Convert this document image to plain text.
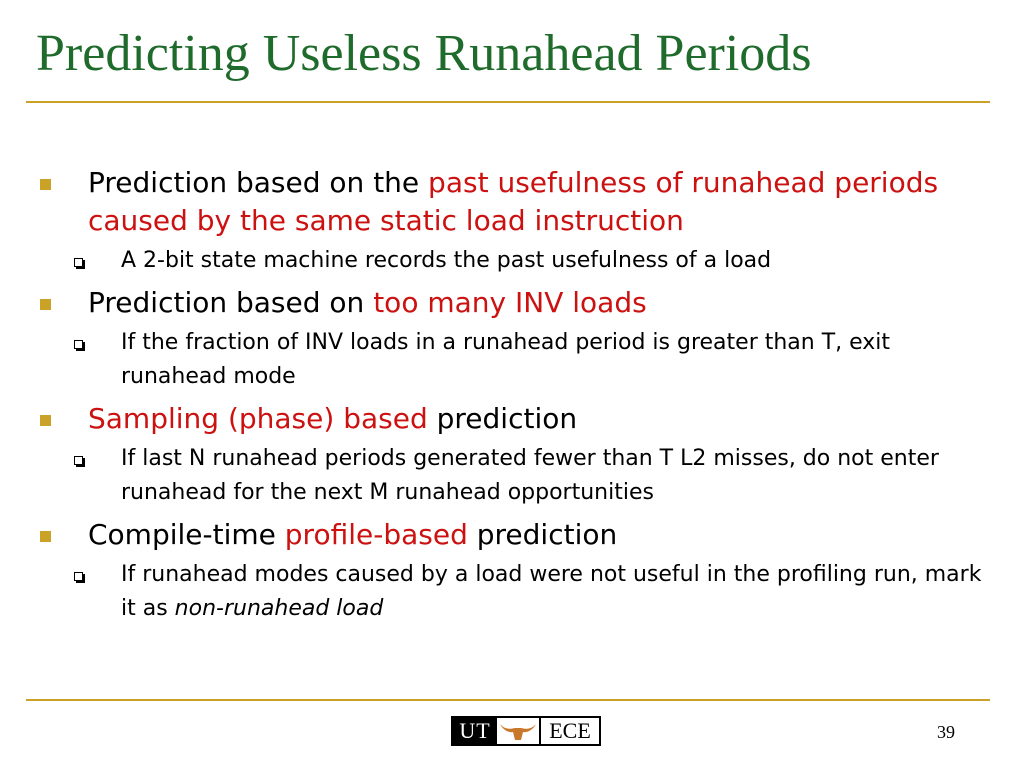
Predicting Useless Runahead Periods
Prediction based on the past usefulness of runahead periods caused by the same static load instruction
A 2-bit state machine records the past usefulness of a load
Prediction based on too many INV loads
If the fraction of INV loads in a runahead period is greater than T, exit runahead mode
Sampling (phase) based prediction
If last N runahead periods generated fewer than T L2 misses, do not enter runahead for the next M runahead opportunities
Compile-time profile-based prediction
If runahead modes caused by a load were not useful in the profiling run, mark it as non-runahead load
UT	ECE	39
